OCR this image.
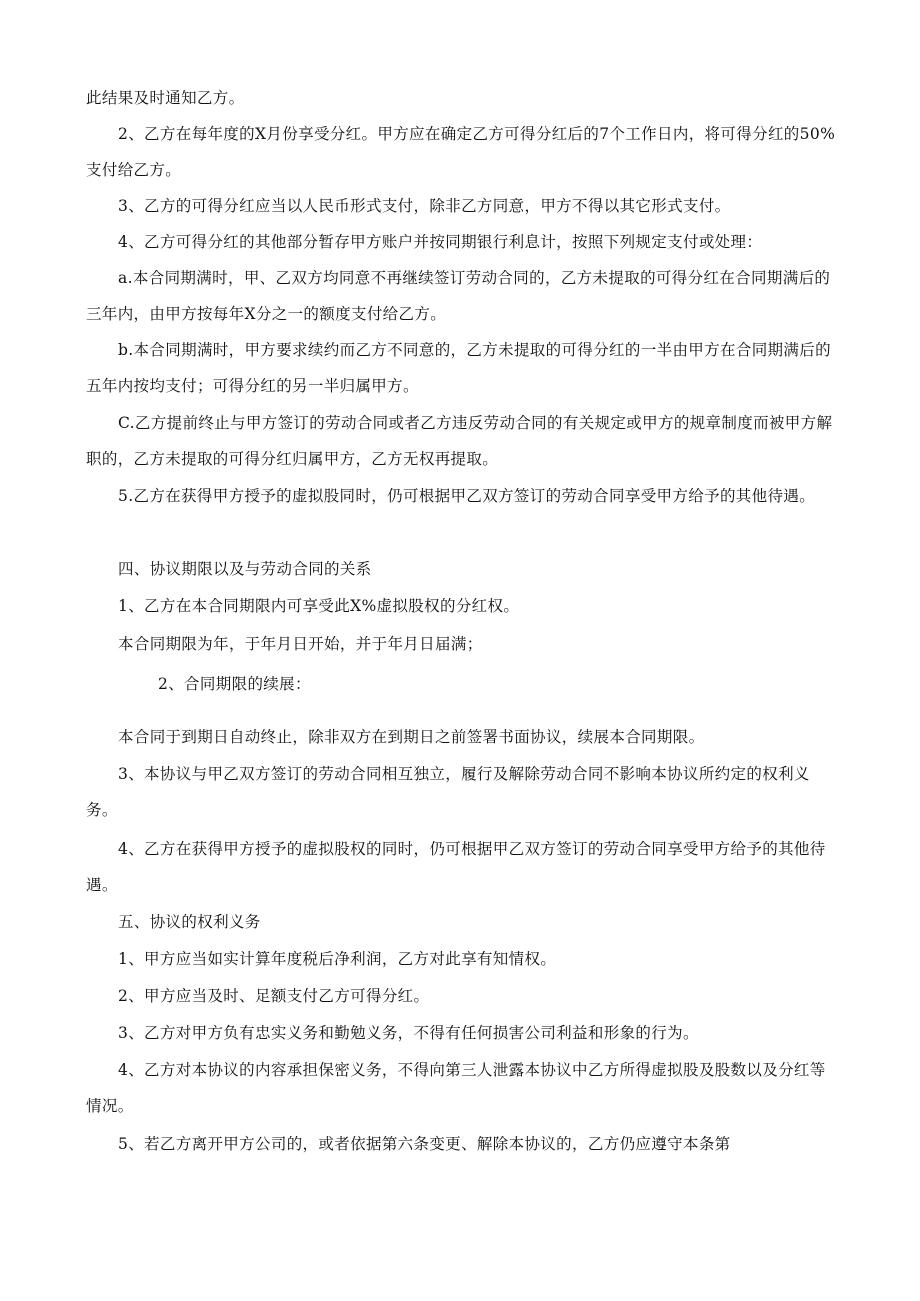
此结果及时通知乙方。

2、乙方在每年度的X月份享受分红。甲方应在确定乙方可得分红后的7个工作日内，将可得分红的50%支付给乙方。

3、乙方的可得分红应当以人民币形式支付，除非乙方同意，甲方不得以其它形式支付。

4、乙方可得分红的其他部分暂存甲方账户并按同期银行利息计，按照下列规定支付或处理：

a.本合同期满时，甲、乙双方均同意不再继续签订劳动合同的，乙方未提取的可得分红在合同期满后的三年内，由甲方按每年X分之一的额度支付给乙方。

b.本合同期满时，甲方要求续约而乙方不同意的，乙方未提取的可得分红的一半由甲方在合同期满后的五年内按均支付；可得分红的另一半归属甲方。

C.乙方提前终止与甲方签订的劳动合同或者乙方违反劳动合同的有关规定或甲方的规章制度而被甲方解职的，乙方未提取的可得分红归属甲方，乙方无权再提取。

5.乙方在获得甲方授予的虚拟股同时，仍可根据甲乙双方签订的劳动合同享受甲方给予的其他待遇。

四、协议期限以及与劳动合同的关系

1、乙方在本合同期限内可享受此X%虚拟股权的分红权。

本合同期限为年，于年月日开始，并于年月日届满；

2、合同期限的续展：

本合同于到期日自动终止，除非双方在到期日之前签署书面协议，续展本合同期限。

3、本协议与甲乙双方签订的劳动合同相互独立，履行及解除劳动合同不影响本协议所约定的权利义务。

4、乙方在获得甲方授予的虚拟股权的同时，仍可根据甲乙双方签订的劳动合同享受甲方给予的其他待遇。

五、协议的权利义务

1、甲方应当如实计算年度税后净利润，乙方对此享有知情权。

2、甲方应当及时、足额支付乙方可得分红。

3、乙方对甲方负有忠实义务和勤勉义务，不得有任何损害公司利益和形象的行为。

4、乙方对本协议的内容承担保密义务，不得向第三人泄露本协议中乙方所得虚拟股及股数以及分红等情况。

5、若乙方离开甲方公司的，或者依据第六条变更、解除本协议的，乙方仍应遵守本条第
